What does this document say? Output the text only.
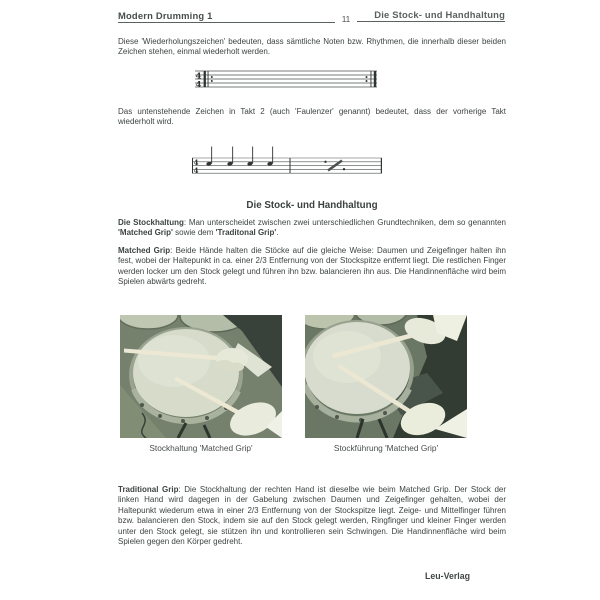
Modern Drumming 1	Die Stock- und Handhaltung
11
Diese 'Wiederholungszeichen' bedeuten, dass sämtliche Noten bzw. Rhythmen, die innerhalb dieser beiden Zeichen stehen, einmal wiederholt werden.
4
4
Das untenstehende Zeichen in Takt 2 (auch 'Faulenzer' genannt) bedeutet, dass der vorherige Takt wiederholt wird.
4
4
Die Stock- und Handhaltung
Die Stockhaltung: Man unterscheidet zwischen zwei unterschiedlichen Grundtechniken, dem so genannten 'Matched Grip' sowie dem 'Traditonal Grip'.
Matched Grip: Beide Hände halten die Stöcke auf die gleiche Weise: Daumen und Zeigefinger halten ihn fest, wobei der Haltepunkt in ca. einer 2/3 Entfernung von der Stockspitze entfernt liegt. Die restlichen Finger werden locker um den Stock gelegt und führen ihn bzw. balancieren ihn aus. Die Handinnenfläche wird beim Spielen abwärts gedreht.
Stockhaltung 'Matched Grip'	Stockführung 'Matched Grip'
Traditional Grip: Die Stockhaltung der rechten Hand ist dieselbe wie beim Matched Grip. Der Stock der linken Hand wird dagegen in der Gabelung zwischen Daumen und Zeigefinger gehalten, wobei der Haltepunkt wiederum etwa in einer 2/3 Entfernung von der Stockspitze liegt. Zeige- und Mittelfinger führen bzw. balancieren den Stock, indem sie auf den Stock gelegt werden, Ringfinger und kleiner Finger werden unter den Stock gelegt, sie stützen ihn und kontrollieren sein Schwingen. Die Handinnenfläche wird beim Spielen gegen den Körper gedreht.
Leu-Verlag
